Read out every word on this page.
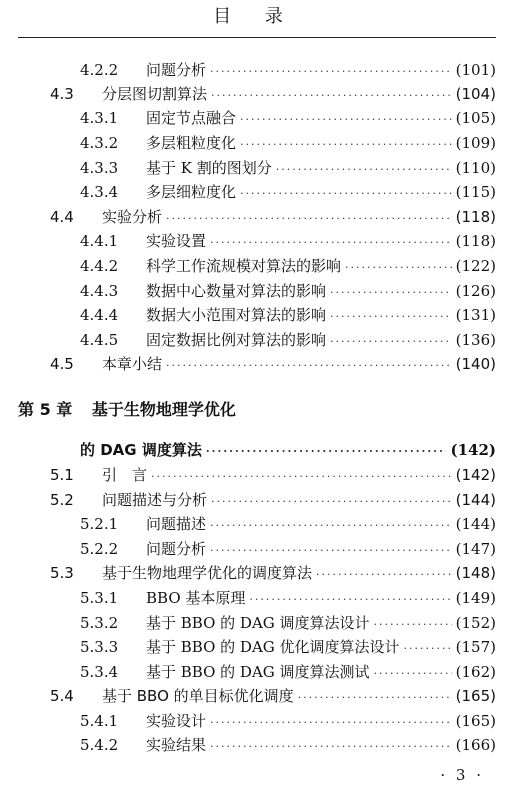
目 录
4.2.2	问题分析 ·····	(101)
4.3	分层图切割算法 ·····	(104)
4.3.1	固定节点融合 ·····	(105)
4.3.2	多层粗粒度化 ·····	(109)
4.3.3	基于 K 割的图划分 ·····	(110)
4.3.4	多层细粒度化 ·····	(115)
4.4	实验分析 ·····	(118)
4.4.1	实验设置 ·····	(118)
4.4.2	科学工作流规模对算法的影响 ·····	(122)
4.4.3	数据中心数量对算法的影响 ·····	(126)
4.4.4	数据大小范围对算法的影响 ·····	(131)
4.4.5	固定数据比例对算法的影响 ·····	(136)
4.5	本章小结 ·····	(140)
第 5 章 基于生物地理学优化
的 DAG 调度算法 ·····	(142)
5.1	引　言 ·····	(142)
5.2	问题描述与分析 ·····	(144)
5.2.1	问题描述 ·····	(144)
5.2.2	问题分析 ·····	(147)
5.3	基于生物地理学优化的调度算法 ·····	(148)
5.3.1	BBO 基本原理 ·····	(149)
5.3.2	基于 BBO 的 DAG 调度算法设计 ·····	(152)
5.3.3	基于 BBO 的 DAG 优化调度算法设计 ·····	(157)
5.3.4	基于 BBO 的 DAG 调度算法测试 ·····	(162)
5.4	基于 BBO 的单目标优化调度 ·····	(165)
5.4.1	实验设计 ·····	(165)
5.4.2	实验结果 ·····	(166)
· 3 ·
